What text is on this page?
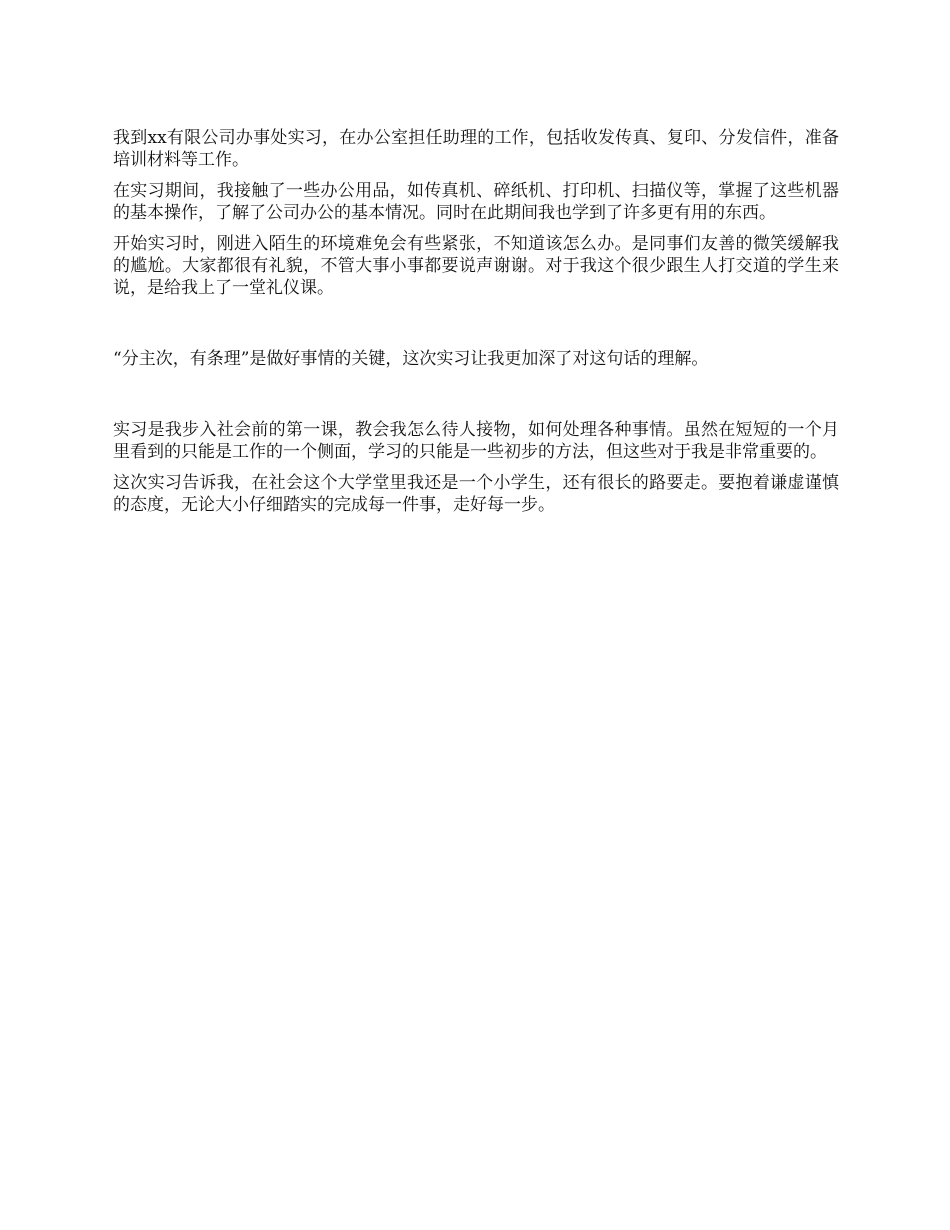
我到xx有限公司办事处实习，在办公室担任助理的工作，包括收发传真、复印、分发信件，准备培训材料等工作。

在实习期间，我接触了一些办公用品，如传真机、碎纸机、打印机、扫描仪等，掌握了这些机器的基本操作，了解了公司办公的基本情况。同时在此期间我也学到了许多更有用的东西。

开始实习时，刚进入陌生的环境难免会有些紧张，不知道该怎么办。是同事们友善的微笑缓解我的尴尬。大家都很有礼貌，不管大事小事都要说声谢谢。对于我这个很少跟生人打交道的学生来说，是给我上了一堂礼仪课。

“分主次，有条理”是做好事情的关键，这次实习让我更加深了对这句话的理解。

实习是我步入社会前的第一课，教会我怎么待人接物，如何处理各种事情。虽然在短短的一个月里看到的只能是工作的一个侧面，学习的只能是一些初步的方法，但这些对于我是非常重要的。

这次实习告诉我，在社会这个大学堂里我还是一个小学生，还有很长的路要走。要抱着谦虚谨慎的态度，无论大小仔细踏实的完成每一件事，走好每一步。
